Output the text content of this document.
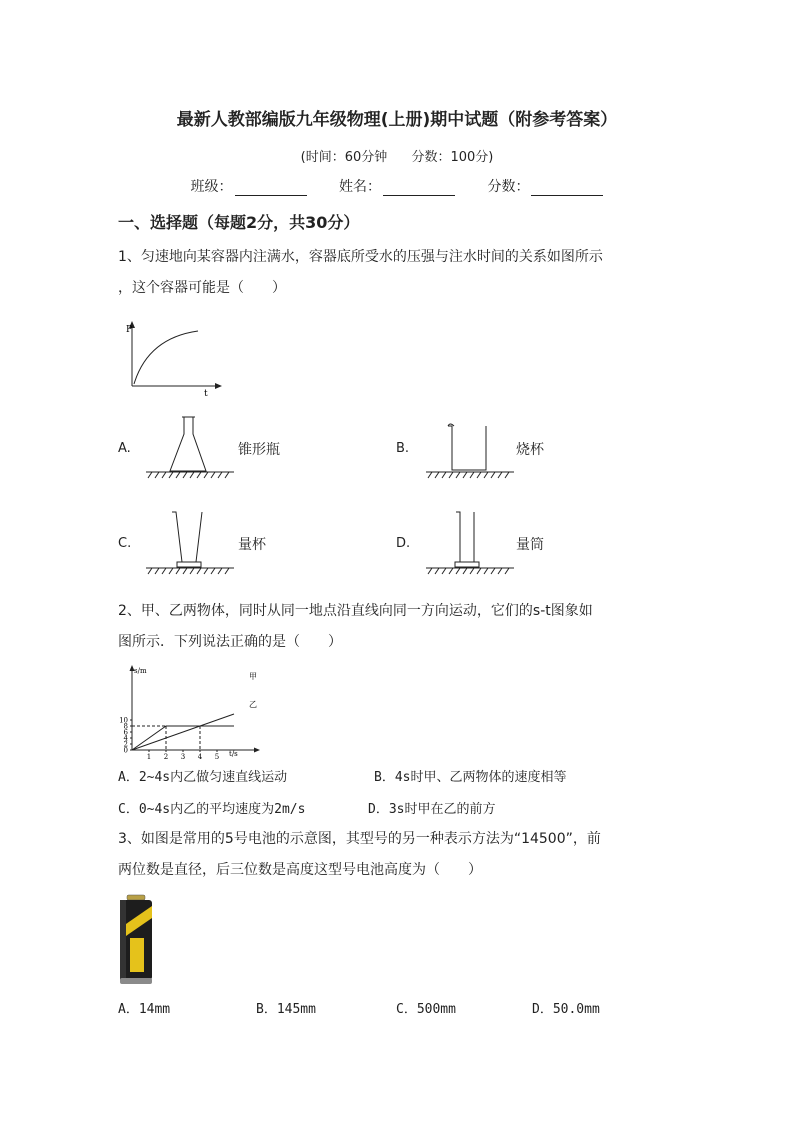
最新人教部编版九年级物理(上册)期中试题（附参考答案）
(时间：60分钟 分数：100分)
班级：	姓名：	分数：
一、选择题（每题2分，共30分）
1、匀速地向某容器内注满水，容器底所受水的压强与注水时间的关系如图所示
，这个容器可能是（　　）
P
t
A.	锥形瓶	B.	烧杯
C.	量杯	D.	量筒
2、甲、乙两物体，同时从同一地点沿直线向同一方向运动，它们的s-t图象如
图所示．下列说法正确的是（　　）
s/m
t/s
10
8
6
4
2
0
1 2 3 4 5
甲
乙
A．2~4s内乙做匀速直线运动	B．4s时甲、乙两物体的速度相等
C．0~4s内乙的平均速度为2m/s	D．3s时甲在乙的前方
3、如图是常用的5号电池的示意图，其型号的另一种表示方法为“14500”，前
两位数是直径，后三位数是高度这型号电池高度为（　　）
A．14mm	B．145mm	C．500mm	D．50.0mm
